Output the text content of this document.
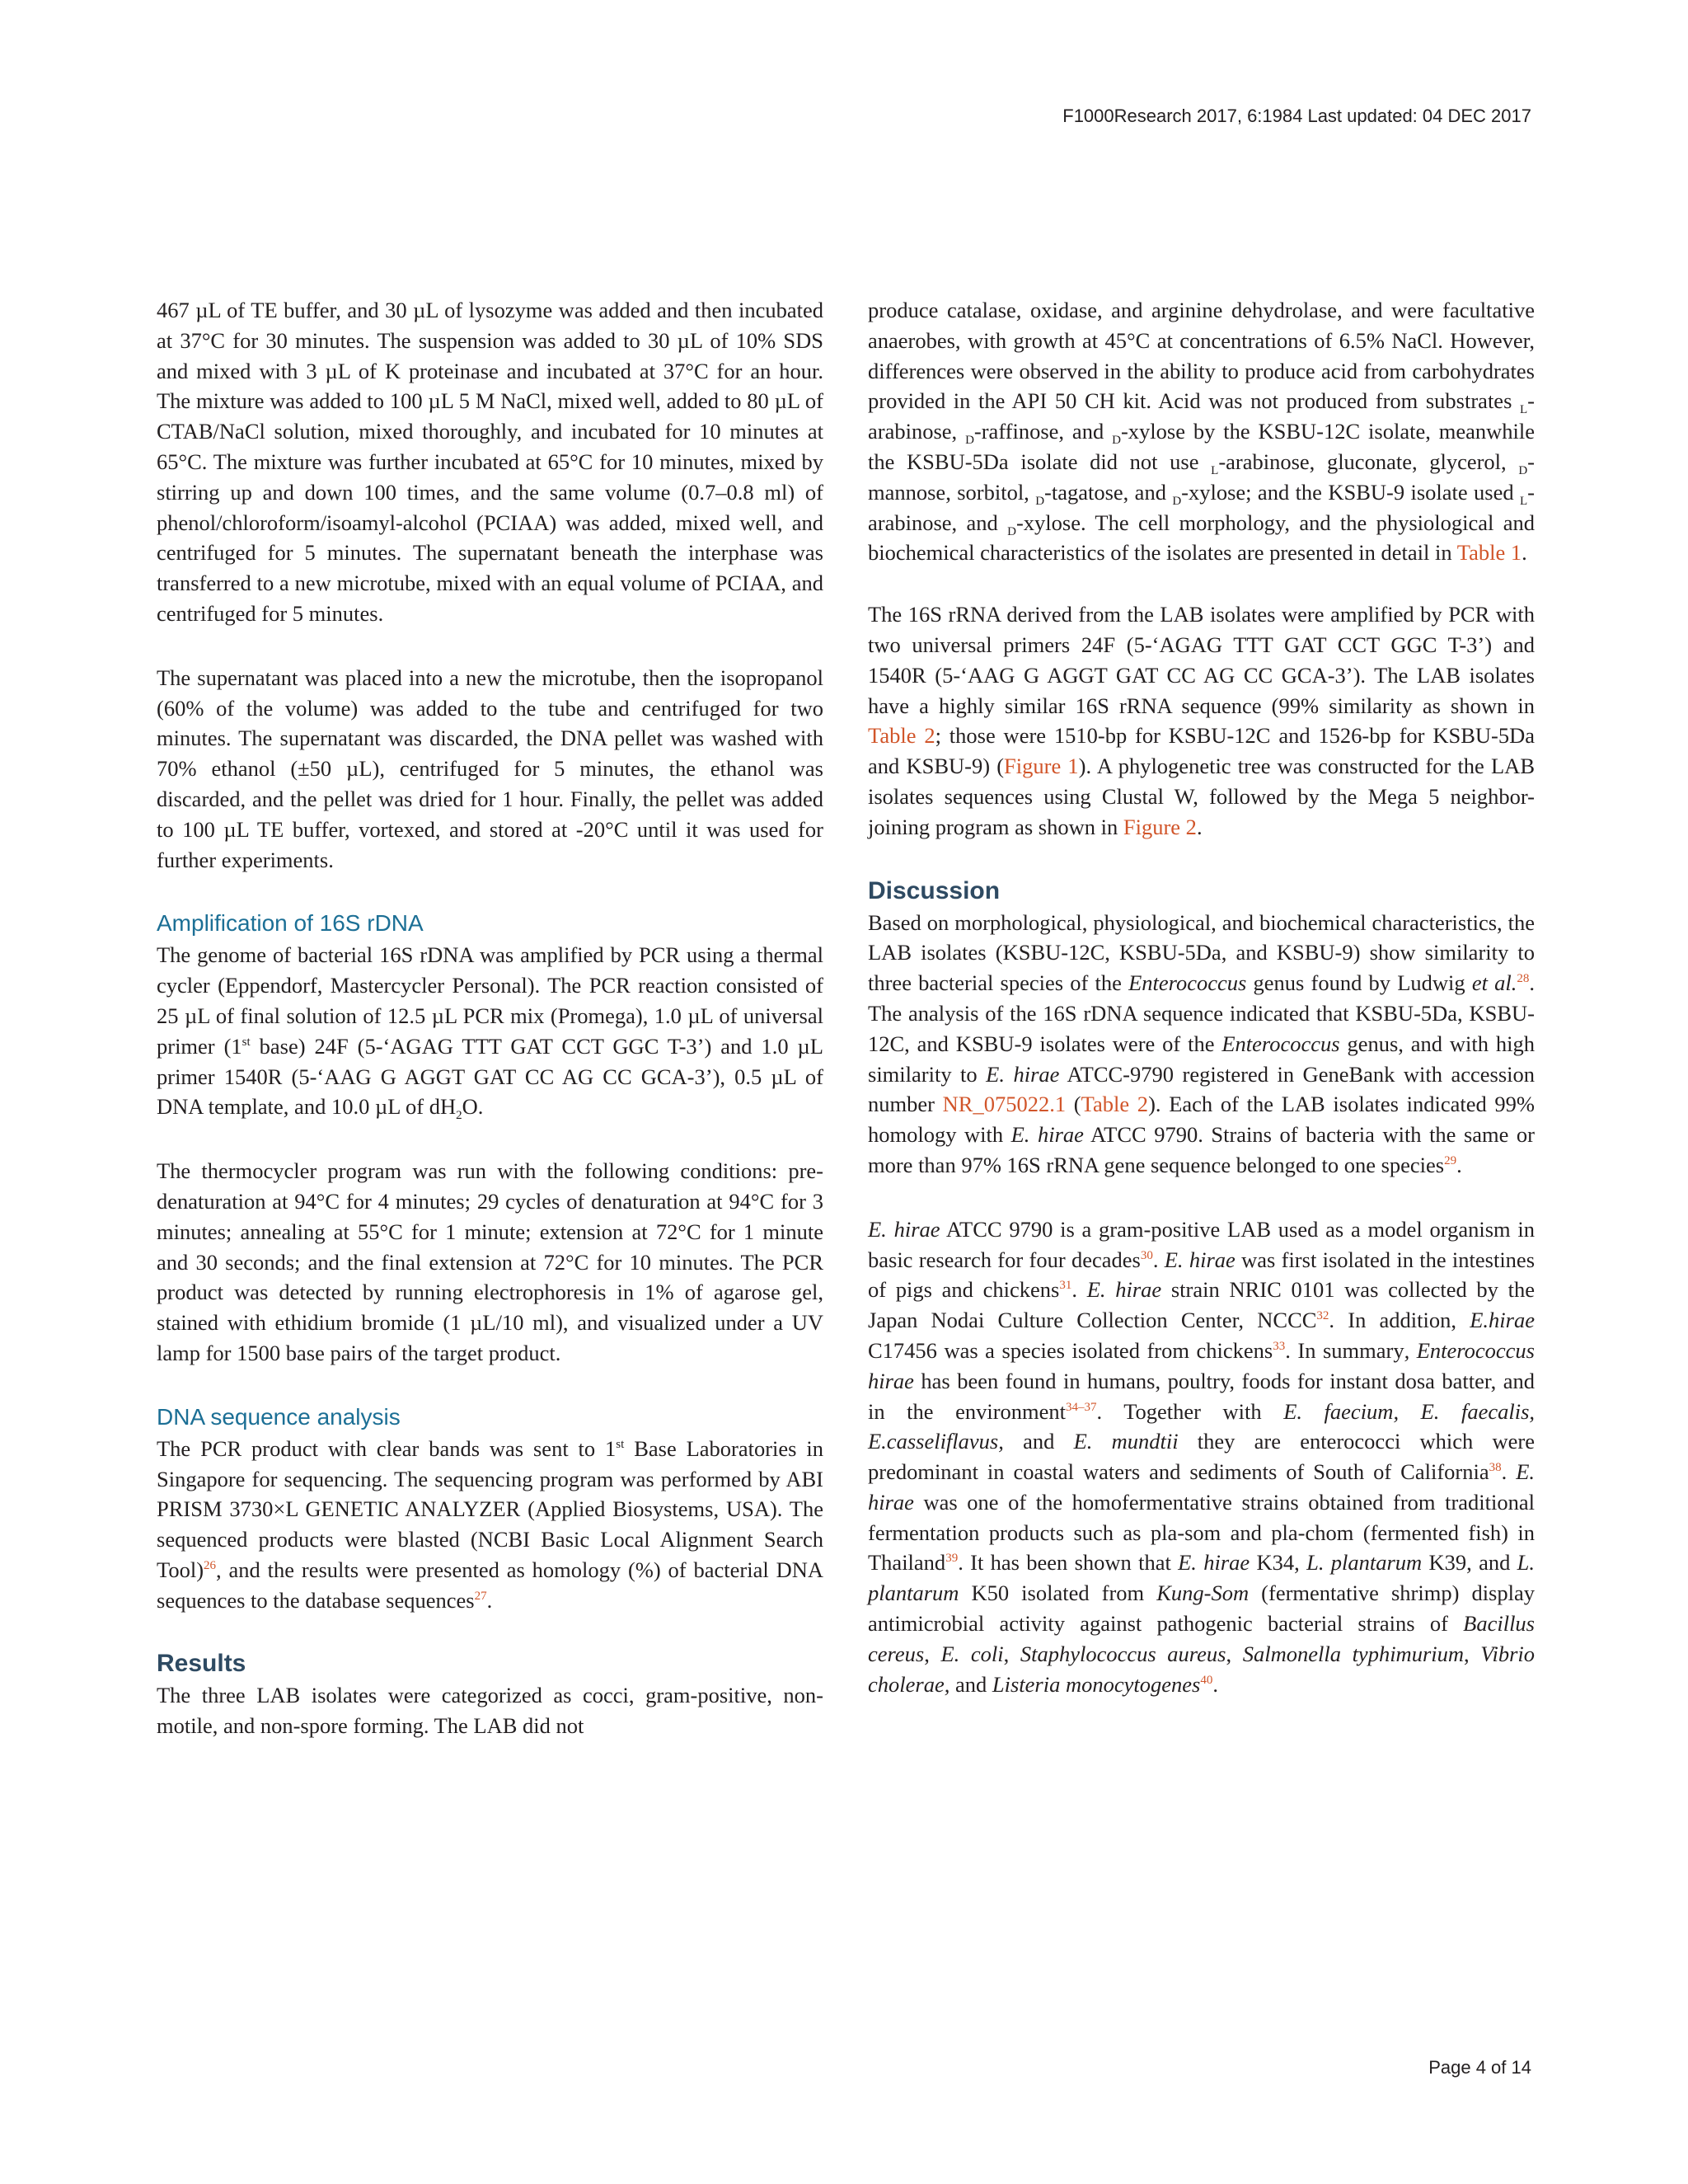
F1000Research 2017, 6:1984 Last updated: 04 DEC 2017

467 µL of TE buffer, and 30 µL of lysozyme was added and then incubated at 37°C for 30 minutes. The suspension was added to 30 µL of 10% SDS and mixed with 3 µL of K proteinase and incubated at 37°C for an hour. The mixture was added to 100 µL 5 M NaCl, mixed well, added to 80 µL of CTAB/NaCl solution, mixed thoroughly, and incubated for 10 minutes at 65°C. The mixture was further incubated at 65°C for 10 minutes, mixed by stirring up and down 100 times, and the same volume (0.7–0.8 ml) of phenol/chloroform/isoamyl-alcohol (PCIAA) was added, mixed well, and centrifuged for 5 minutes. The supernatant beneath the interphase was transferred to a new microtube, mixed with an equal volume of PCIAA, and centrifuged for 5 minutes.

The supernatant was placed into a new the microtube, then the isopropanol (60% of the volume) was added to the tube and centrifuged for two minutes. The supernatant was discarded, the DNA pellet was washed with 70% ethanol (±50 µL), centrifuged for 5 minutes, the ethanol was discarded, and the pellet was dried for 1 hour. Finally, the pellet was added to 100 µL TE buffer, vortexed, and stored at -20°C until it was used for further experiments.

Amplification of 16S rDNA

The genome of bacterial 16S rDNA was amplified by PCR using a thermal cycler (Eppendorf, Mastercycler Personal). The PCR reaction consisted of 25 µL of final solution of 12.5 µL PCR mix (Promega), 1.0 µL of universal primer (1st base) 24F (5-‘AGAG TTT GAT CCT GGC T-3’) and 1.0 µL primer 1540R (5-‘AAG G AGGT GAT CC AG CC GCA-3’), 0.5 µL of DNA template, and 10.0 µL of $dH_2O$.

The thermocycler program was run with the following conditions: pre-denaturation at 94°C for 4 minutes; 29 cycles of denaturation at 94°C for 3 minutes; annealing at 55°C for 1 minute; extension at 72°C for 1 minute and 30 seconds; and the final extension at 72°C for 10 minutes. The PCR product was detected by running electrophoresis in 1% of agarose gel, stained with ethidium bromide (1 µL/10 ml), and visualized under a UV lamp for 1500 base pairs of the target product.

DNA sequence analysis

The PCR product with clear bands was sent to 1st Base Laboratories in Singapore for sequencing. The sequencing program was performed by ABI PRISM 3730×L GENETIC ANALYZER (Applied Biosystems, USA). The sequenced products were blasted (NCBI Basic Local Alignment Search Tool)$^{26}$, and the results were presented as homology (%) of bacterial DNA sequences to the database sequences$^{27}$.

Results

The three LAB isolates were categorized as cocci, gram-positive, non-motile, and non-spore forming. The LAB did not

produce catalase, oxidase, and arginine dehydrolase, and were facultative anaerobes, with growth at 45°C at concentrations of 6.5% NaCl. However, differences were observed in the ability to produce acid from carbohydrates provided in the API 50 CH kit. Acid was not produced from substrates $_L$-arabinose, $_D$-raffinose, and $_D$-xylose by the KSBU-12C isolate, meanwhile the KSBU-5Da isolate did not use $_L$-arabinose, gluconate, glycerol, $_D$-mannose, sorbitol, $_D$-tagatose, and $_D$-xylose; and the KSBU-9 isolate used $_L$-arabinose, and $_D$-xylose. The cell morphology, and the physiological and biochemical characteristics of the isolates are presented in detail in Table 1.

The 16S rRNA derived from the LAB isolates were amplified by PCR with two universal primers 24F (5-‘AGAG TTT GAT CCT GGC T-3’) and 1540R (5-‘AAG G AGGT GAT CC AG CC GCA-3’). The LAB isolates have a highly similar 16S rRNA sequence (99% similarity as shown in Table 2; those were 1510-bp for KSBU-12C and 1526-bp for KSBU-5Da and KSBU-9) (Figure 1). A phylogenetic tree was constructed for the LAB isolates sequences using Clustal W, followed by the Mega 5 neighbor-joining program as shown in Figure 2.

Discussion

Based on morphological, physiological, and biochemical characteristics, the LAB isolates (KSBU-12C, KSBU-5Da, and KSBU-9) show similarity to three bacterial species of the Enterococcus genus found by Ludwig et al.$^{28}$. The analysis of the 16S rDNA sequence indicated that KSBU-5Da, KSBU-12C, and KSBU-9 isolates were of the Enterococcus genus, and with high similarity to E. hirae ATCC-9790 registered in GeneBank with accession number NR_075022.1 (Table 2). Each of the LAB isolates indicated 99% homology with E. hirae ATCC 9790. Strains of bacteria with the same or more than 97% 16S rRNA gene sequence belonged to one species$^{29}$.

E. hirae ATCC 9790 is a gram-positive LAB used as a model organism in basic research for four decades$^{30}$. E. hirae was first isolated in the intestines of pigs and chickens$^{31}$. E. hirae strain NRIC 0101 was collected by the Japan Nodai Culture Collection Center, NCCC$^{32}$. In addition, E.hirae C17456 was a species isolated from chickens$^{33}$. In summary, Enterococcus hirae has been found in humans, poultry, foods for instant dosa batter, and in the environment$^{34-37}$. Together with E. faecium, E. faecalis, E.casseliflavus, and E. mundtii they are enterococci which were predominant in coastal waters and sediments of South of California$^{38}$. E. hirae was one of the homofermentative strains obtained from traditional fermentation products such as pla-som and pla-chom (fermented fish) in Thailand$^{39}$. It has been shown that E. hirae K34, L. plantarum K39, and L. plantarum K50 isolated from Kung-Som (fermentative shrimp) display antimicrobial activity against pathogenic bacterial strains of Bacillus cereus, E. coli, Staphylococcus aureus, Salmonella typhimurium, Vibrio cholerae, and Listeria monocytogenes$^{40}$.

Page 4 of 14
